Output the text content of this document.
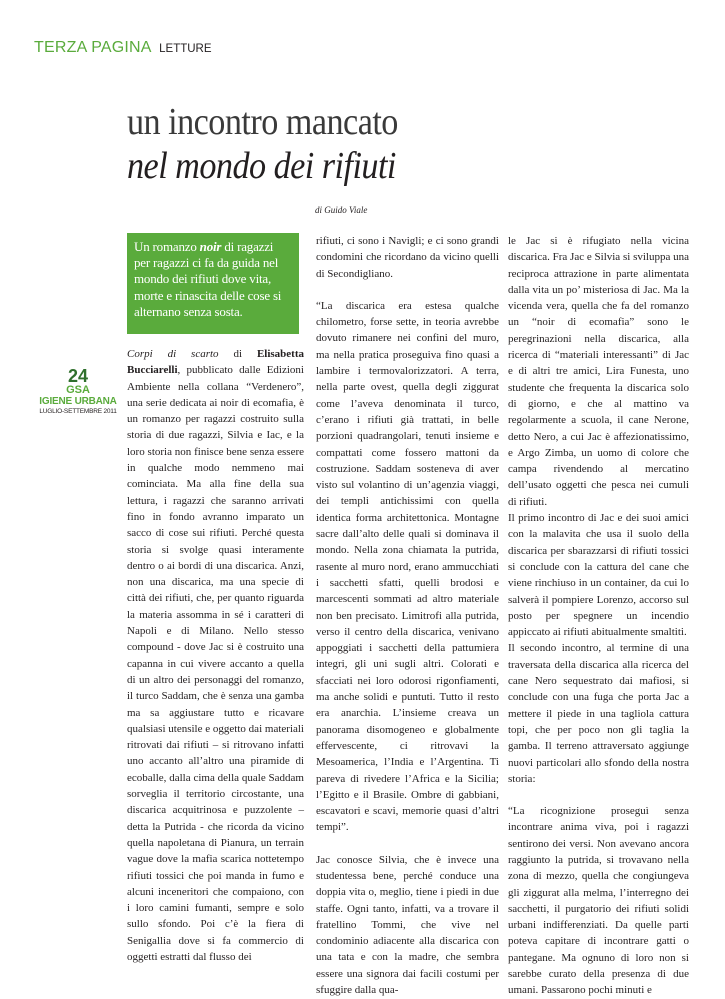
TERZA PAGINA LETTURE
un incontro mancato
nel mondo dei rifiuti
di Guido Viale
Un romanzo noir di ragazzi per ragazzi ci fa da guida nel mondo dei rifiuti dove vita, morte e rinascita delle cose si alternano senza sosta.
24
GSA
IGIENE URBANA
LUGLIO-SETTEMBRE 2011

Corpi di scarto di Elisabetta Bucciarelli, pubblicato dalle Edizioni Ambiente nella collana “Verdenero”, una serie dedicata ai noir di ecomafia, è un romanzo per ragazzi costruito sulla storia di due ragazzi, Silvia e Iac, e la loro storia non finisce bene senza essere in qualche modo nemmeno mai cominciata. Ma alla fine della sua lettura, i ragazzi che saranno arrivati fino in fondo avranno imparato un sacco di cose sui rifiuti. Perché questa storia si svolge quasi interamente dentro o ai bordi di una discarica. Anzi, non una discarica, ma una specie di città dei rifiuti, che, per quanto riguarda la materia assomma in sé i caratteri di Napoli e di Milano. Nello stesso compound - dove Jac si è costruito una capanna in cui vivere accanto a quella di un altro dei personaggi del romanzo, il turco Saddam, che è senza una gamba ma sa aggiustare tutto e ricavare qualsiasi utensile e oggetto dai materiali ritrovati dai rifiuti – si ritrovano infatti uno accanto all’altro una piramide di ecoballe, dalla cima della quale Saddam sorveglia il territorio circostante, una discarica acquitrinosa e puzzolente – detta la Putrida - che ricorda da vicino quella napoletana di Pianura, un terrain vague dove la mafia scarica nottetempo rifiuti tossici che poi manda in fumo e alcuni inceneritori che compaiono, con i loro camini fumanti, sempre e solo sullo sfondo. Poi c’è la fiera di Senigallia dove si fa commercio di oggetti estratti dal flusso dei

rifiuti, ci sono i Navigli; e ci sono grandi condomini che ricordano da vicino quelli di Secondigliano.

“La discarica era estesa qualche chilometro, forse sette, in teoria avrebbe dovuto rimanere nei confini del muro, ma nella pratica proseguiva fino quasi a lambire i termovalorizzatori. A terra, nella parte ovest, quella degli ziggurat come l’aveva denominata il turco, c’erano i rifiuti già trattati, in belle porzioni quadrangolari, tenuti insieme e compattati come fossero mattoni da costruzione. Saddam sosteneva di aver visto sul volantino di un’agenzia viaggi, dei templi antichissimi con quella identica forma architettonica. Montagne sacre dall’alto delle quali si dominava il mondo. Nella zona chiamata la putrida, rasente al muro nord, erano ammucchiati i sacchetti sfatti, quelli brodosi e marcescenti sommati ad altro materiale non ben precisato. Limitrofi alla putrida, verso il centro della discarica, venivano appoggiati i sacchetti della pattumiera integri, gli uni sugli altri. Colorati e sfacciati nei loro odorosi rigonfiamenti, ma anche solidi e puntuti. Tutto il resto era anarchia. L’insieme creava un panorama disomogeneo e globalmente effervescente, ci ritrovavi la Mesoamerica, l’India e l’Argentina. Ti pareva di rivedere l’Africa e la Sicilia; l’Egitto e il Brasile. Ombre di gabbiani, escavatori e scavi, memorie quasi d’altri tempi”.

Jac conosce Silvia, che è invece una studentessa bene, perché conduce una doppia vita o, meglio, tiene i piedi in due staffe. Ogni tanto, infatti, va a trovare il fratellino Tommi, che vive nel condominio adiacente alla discarica con una tata e con la madre, che sembra essere una signora dai facili costumi per sfuggire dalla qua-

le Jac si è rifugiato nella vicina discarica. Fra Jac e Silvia si sviluppa una reciproca attrazione in parte alimentata dalla vita un po’ misteriosa di Jac. Ma la vicenda vera, quella che fa del romanzo un “noir di ecomafia” sono le peregrinazioni nella discarica, alla ricerca di “materiali interessanti” di Jac e di altri tre amici, Lira Funesta, uno studente che frequenta la discarica solo di giorno, e che al mattino va regolarmente a scuola, il cane Nerone, detto Nero, a cui Jac è affezionatissimo, e Argo Zimba, un uomo di colore che campa rivendendo al mercatino dell’usato oggetti che pesca nei cumuli di rifiuti.

Il primo incontro di Jac e dei suoi amici con la malavita che usa il suolo della discarica per sbarazzarsi di rifiuti tossici si conclude con la cattura del cane che viene rinchiuso in un container, da cui lo salverà il pompiere Lorenzo, accorso sul posto per spegnere un incendio appiccato ai rifiuti abitualmente smaltiti.

Il secondo incontro, al termine di una traversata della discarica alla ricerca del cane Nero sequestrato dai mafiosi, si conclude con una fuga che porta Jac a mettere il piede in una tagliola cattura topi, che per poco non gli taglia la gamba. Il terreno attraversato aggiunge nuovi particolari allo sfondo della nostra storia:

“La ricognizione proseguì senza incontrare anima viva, poi i ragazzi sentirono dei versi. Non avevano ancora raggiunto la putrida, si trovavano nella zona di mezzo, quella che congiungeva gli ziggurat alla melma, l’interregno dei sacchetti, il purgatorio dei rifiuti solidi urbani indifferenziati. Da quelle parti poteva capitare di incontrare gatti o pantegane. Ma ognuno di loro non si sarebbe curato della presenza di due umani. Passarono pochi minuti e
